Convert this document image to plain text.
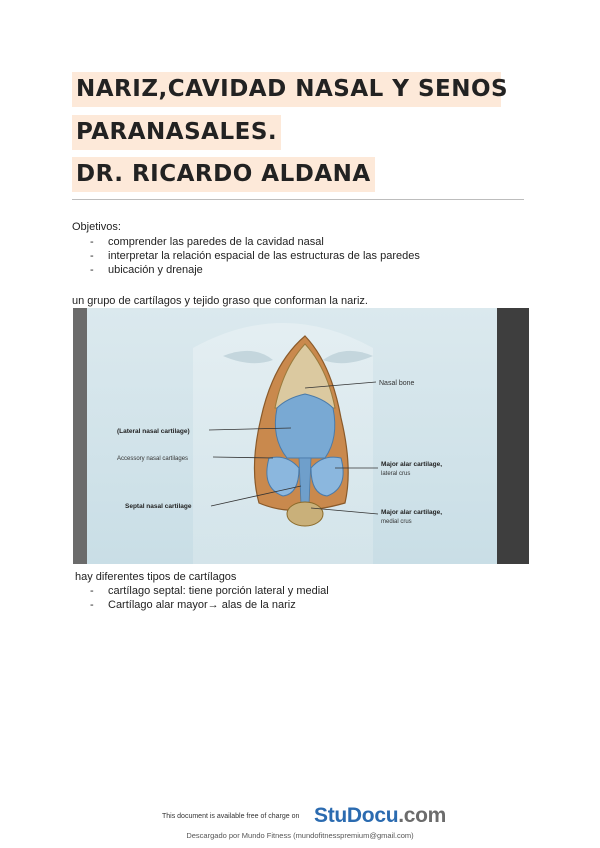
NARIZ,CAVIDAD NASAL Y SENOS
PARANASALES.
DR. RICARDO ALDANA
Objetivos:
- comprender las paredes de la cavidad nasal
- interpretar la relación espacial de las estructuras de las paredes
- ubicación y drenaje
un grupo de cartílagos y tejido graso que conforman la nariz.
Nasal bone
(Lateral nasal cartilage)
Accessory nasal cartilages
Septal nasal cartilage
Major alar cartilage,
lateral crus
Major alar cartilage,
medial crus
hay diferentes tipos de cartílagos
- cartílago septal: tiene porción lateral y medial
- Cartílago alar mayor→ alas de la nariz
This document is available free of charge on StuDocu.com
Descargado por Mundo Fitness (mundofitnesspremium@gmail.com)
